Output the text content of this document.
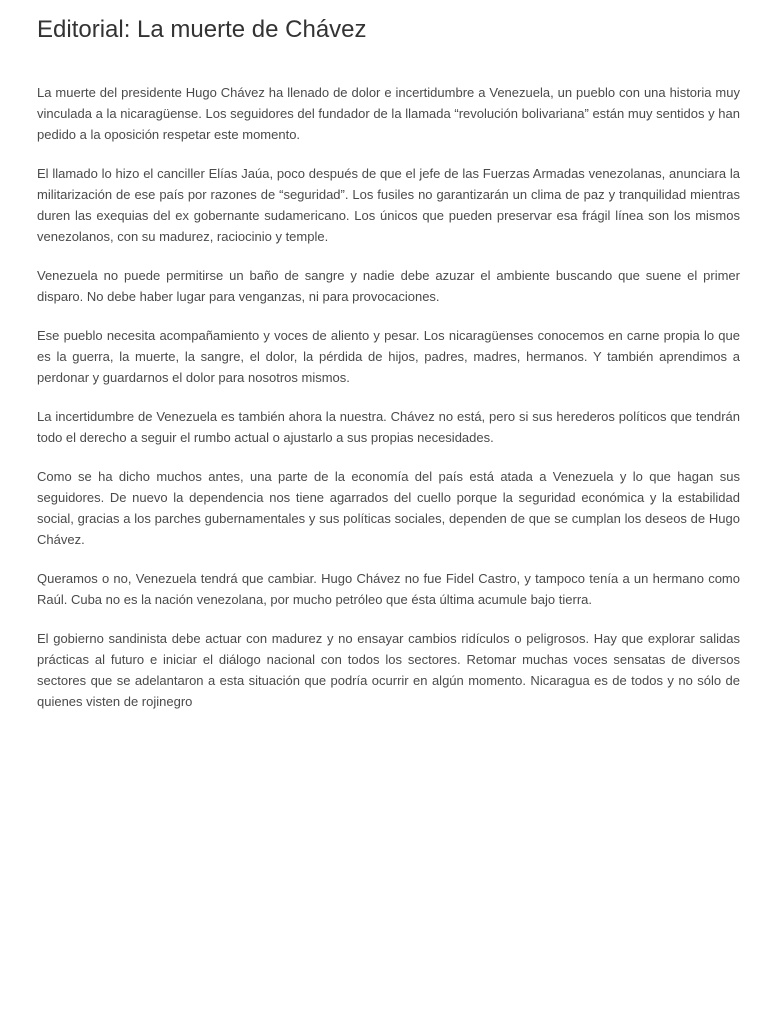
Editorial: La muerte de Chávez

La muerte del presidente Hugo Chávez ha llenado de dolor e incertidumbre a Venezuela, un pueblo con una historia muy vinculada a la nicaragüense. Los seguidores del fundador de la llamada “revolución bolivariana” están muy sentidos y han pedido a la oposición respetar este momento.

El llamado lo hizo el canciller Elías Jaúa, poco después de que el jefe de las Fuerzas Armadas venezolanas, anunciara la militarización de ese país por razones de “seguridad”. Los fusiles no garantizarán un clima de paz y tranquilidad mientras duren las exequias del ex gobernante sudamericano. Los únicos que pueden preservar esa frágil línea son los mismos venezolanos, con su madurez, raciocinio y temple.

Venezuela no puede permitirse un baño de sangre y nadie debe azuzar el ambiente buscando que suene el primer disparo. No debe haber lugar para venganzas, ni para provocaciones.

Ese pueblo necesita acompañamiento y voces de aliento y pesar. Los nicaragüenses conocemos en carne propia lo que es la guerra, la muerte, la sangre, el dolor, la pérdida de hijos, padres, madres, hermanos. Y también aprendimos a perdonar y guardarnos el dolor para nosotros mismos.

La incertidumbre de Venezuela es también ahora la nuestra. Chávez no está, pero si sus herederos políticos que tendrán todo el derecho a seguir el rumbo actual o ajustarlo a sus propias necesidades.

Como se ha dicho muchos antes, una parte de la economía del país está atada a Venezuela y lo que hagan sus seguidores. De nuevo la dependencia nos tiene agarrados del cuello porque la seguridad económica y la estabilidad social, gracias a los parches gubernamentales y sus políticas sociales, dependen de que se cumplan los deseos de Hugo Chávez.

Queramos o no, Venezuela tendrá que cambiar. Hugo Chávez no fue Fidel Castro, y tampoco tenía a un hermano como Raúl. Cuba no es la nación venezolana, por mucho petróleo que ésta última acumule bajo tierra.

El gobierno sandinista debe actuar con madurez y no ensayar cambios ridículos o peligrosos. Hay que explorar salidas prácticas al futuro e iniciar el diálogo nacional con todos los sectores. Retomar muchas voces sensatas de diversos sectores que se adelantaron a esta situación que podría ocurrir en algún momento. Nicaragua es de todos y no sólo de quienes visten de rojinegro
